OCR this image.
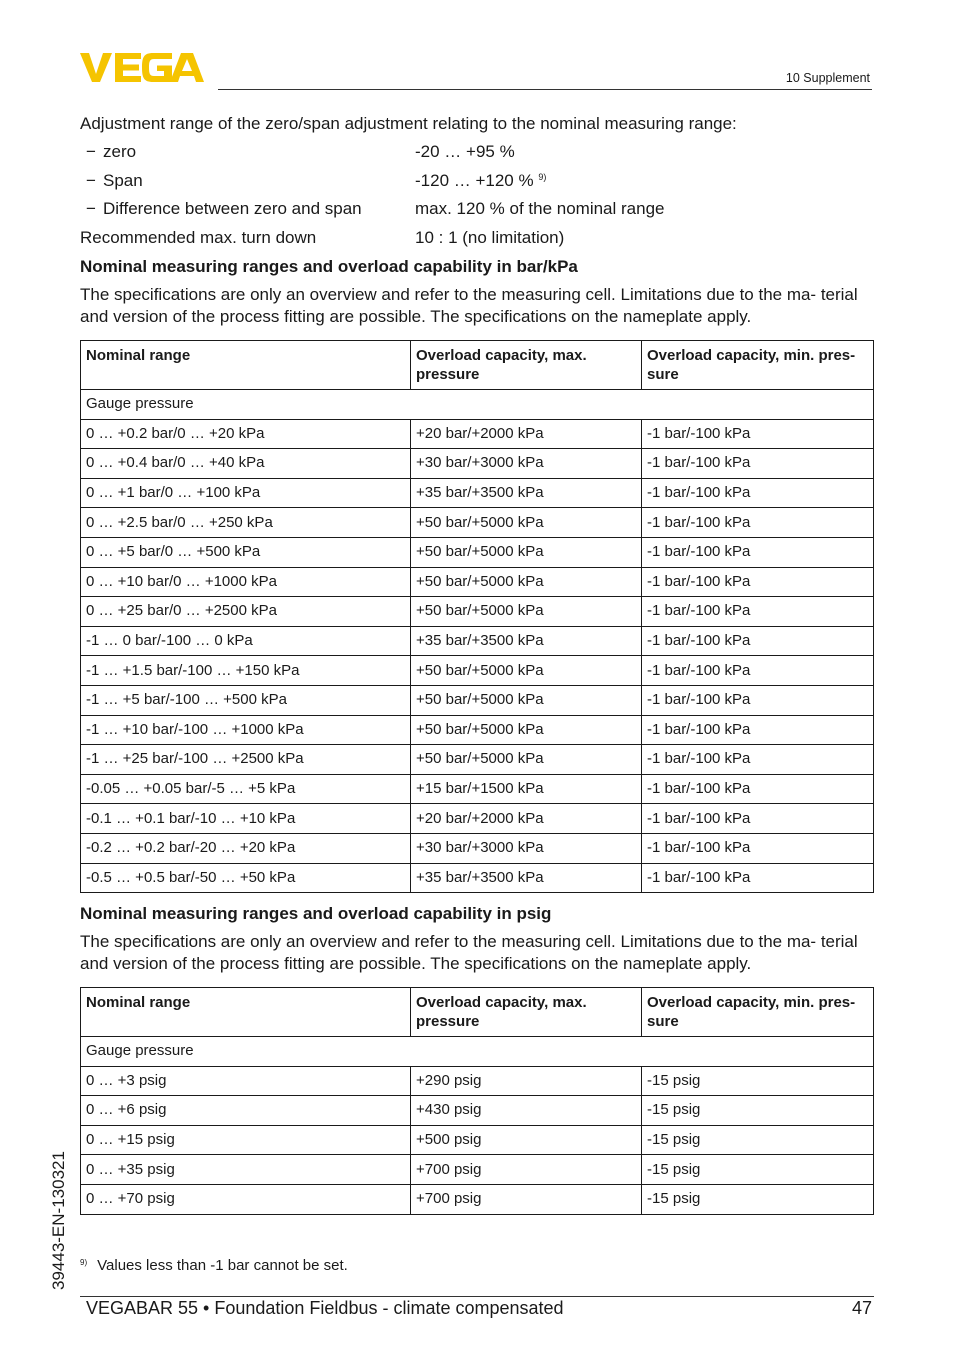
10 Supplement
Adjustment range of the zero/span adjustment relating to the nominal measuring range:
− zero	-20 … +95 %
− Span	-120 … +120 % $^{9)}$
− Difference between zero and span	max. 120 % of the nominal range
Recommended max. turn down	10 : 1 (no limitation)
Nominal measuring ranges and overload capability in bar/kPa
The specifications are only an overview and refer to the measuring cell. Limitations due to the ma- terial and version of the process fitting are possible. The specifications on the nameplate apply.
Nominal range	Overload capacity, max. pressure	Overload capacity, min. pres- sure
Gauge pressure		
0 … +0.2 bar/0 … +20 kPa	+20 bar/+2000 kPa	-1 bar/-100 kPa
0 … +0.4 bar/0 … +40 kPa	+30 bar/+3000 kPa	-1 bar/-100 kPa
0 … +1 bar/0 … +100 kPa	+35 bar/+3500 kPa	-1 bar/-100 kPa
0 … +2.5 bar/0 … +250 kPa	+50 bar/+5000 kPa	-1 bar/-100 kPa
0 … +5 bar/0 … +500 kPa	+50 bar/+5000 kPa	-1 bar/-100 kPa
0 … +10 bar/0 … +1000 kPa	+50 bar/+5000 kPa	-1 bar/-100 kPa
0 … +25 bar/0 … +2500 kPa	+50 bar/+5000 kPa	-1 bar/-100 kPa
-1 … 0 bar/-100 … 0 kPa	+35 bar/+3500 kPa	-1 bar/-100 kPa
-1 … +1.5 bar/-100 … +150 kPa	+50 bar/+5000 kPa	-1 bar/-100 kPa
-1 … +5 bar/-100 … +500 kPa	+50 bar/+5000 kPa	-1 bar/-100 kPa
-1 … +10 bar/-100 … +1000 kPa	+50 bar/+5000 kPa	-1 bar/-100 kPa
-1 … +25 bar/-100 … +2500 kPa	+50 bar/+5000 kPa	-1 bar/-100 kPa
-0.05 … +0.05 bar/-5 … +5 kPa	+15 bar/+1500 kPa	-1 bar/-100 kPa
-0.1 … +0.1 bar/-10 … +10 kPa	+20 bar/+2000 kPa	-1 bar/-100 kPa
-0.2 … +0.2 bar/-20 … +20 kPa	+30 bar/+3000 kPa	-1 bar/-100 kPa
-0.5 … +0.5 bar/-50 … +50 kPa	+35 bar/+3500 kPa	-1 bar/-100 kPa
Nominal measuring ranges and overload capability in psig
The specifications are only an overview and refer to the measuring cell. Limitations due to the ma- terial and version of the process fitting are possible. The specifications on the nameplate apply.
Nominal range	Overload capacity, max. pressure	Overload capacity, min. pres- sure
Gauge pressure		
0 … +3 psig	+290 psig	-15 psig
0 … +6 psig	+430 psig	-15 psig
0 … +15 psig	+500 psig	-15 psig
0 … +35 psig	+700 psig	-15 psig
0 … +70 psig	+700 psig	-15 psig
$^{9)}$ Values less than -1 bar cannot be set.
39443-EN-130321
VEGABAR 55 • Foundation Fieldbus - climate compensated	47
